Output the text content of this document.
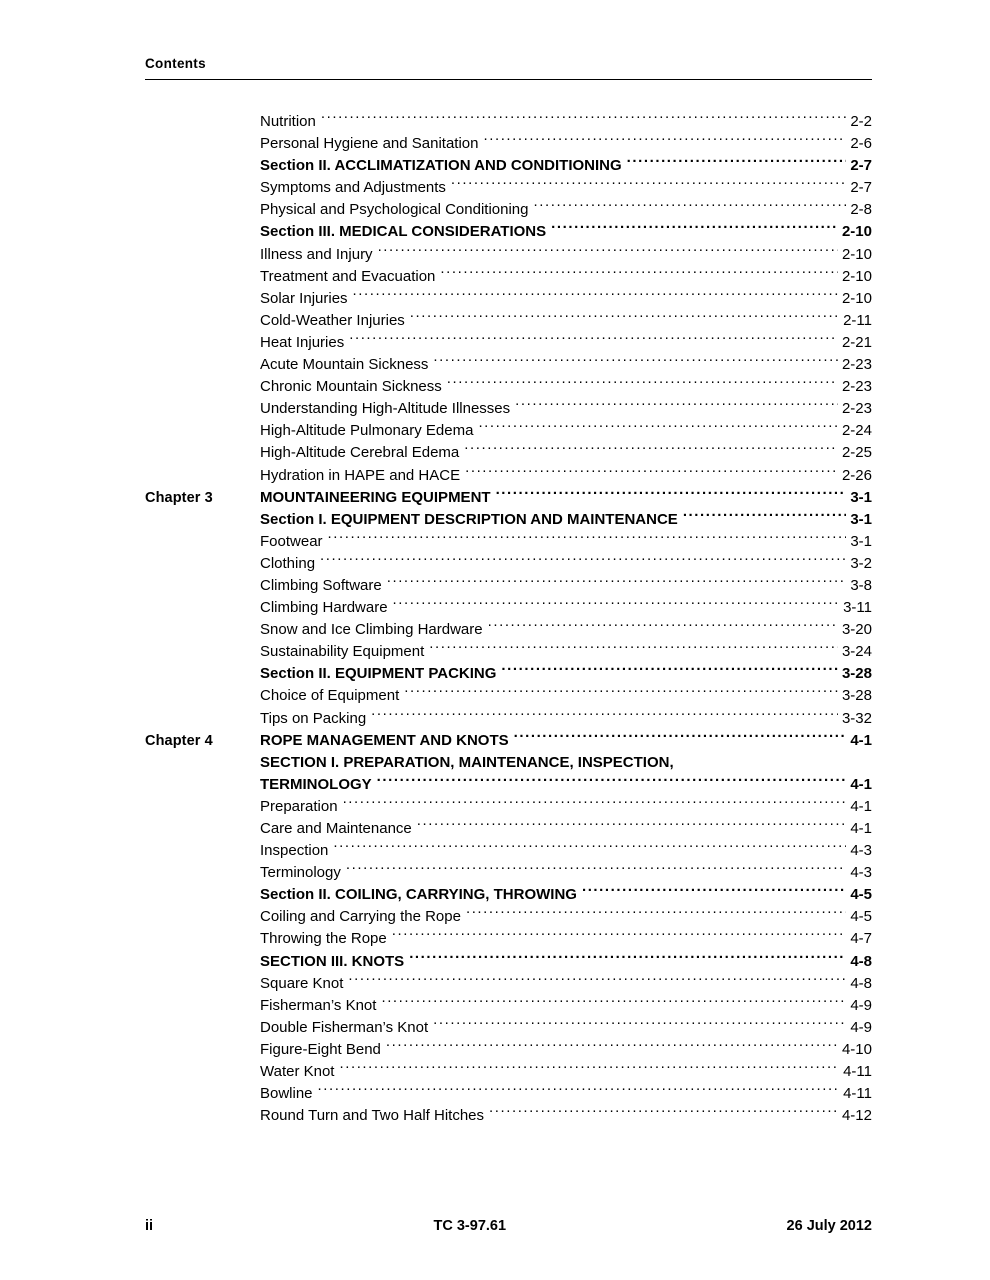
Contents
Nutrition . . .	2-2
Personal Hygiene and Sanitation . . .	2-6
Section II. ACCLIMATIZATION AND CONDITIONING . . .	2-7
Symptoms and Adjustments . . .	2-7
Physical and Psychological Conditioning . . .	2-8
Section III. MEDICAL CONSIDERATIONS . . .	2-10
Illness and Injury . . .	2-10
Treatment and Evacuation . . .	2-10
Solar Injuries . . .	2-10
Cold-Weather Injuries . . .	2-11
Heat Injuries . . .	2-21
Acute Mountain Sickness . . .	2-23
Chronic Mountain Sickness . . .	2-23
Understanding High-Altitude Illnesses . . .	2-23
High-Altitude Pulmonary Edema . . .	2-24
High-Altitude Cerebral Edema . . .	2-25
Hydration in HAPE and HACE . . .	2-26
Chapter 3	MOUNTAINEERING EQUIPMENT . . .	3-1
Section I. EQUIPMENT DESCRIPTION AND MAINTENANCE . . .	3-1
Footwear . . .	3-1
Clothing . . .	3-2
Climbing Software . . .	3-8
Climbing Hardware . . .	3-11
Snow and Ice Climbing Hardware . . .	3-20
Sustainability Equipment . . .	3-24
Section II. EQUIPMENT PACKING . . .	3-28
Choice of Equipment . . .	3-28
Tips on Packing . . .	3-32
Chapter 4	ROPE MANAGEMENT AND KNOTS . . .	4-1
SECTION I. PREPARATION, MAINTENANCE, INSPECTION,
TERMINOLOGY . . .	4-1
Preparation . . .	4-1
Care and Maintenance . . .	4-1
Inspection . . .	4-3
Terminology . . .	4-3
Section II. COILING, CARRYING, THROWING . . .	4-5
Coiling and Carrying the Rope . . .	4-5
Throwing the Rope . . .	4-7
SECTION III. KNOTS . . .	4-8
Square Knot . . .	4-8
Fisherman’s Knot . . .	4-9
Double Fisherman’s Knot . . .	4-9
Figure-Eight Bend . . .	4-10
Water Knot . . .	4-11
Bowline . . .	4-11
Round Turn and Two Half Hitches . . .	4-12
ii	TC 3-97.61	26 July 2012
